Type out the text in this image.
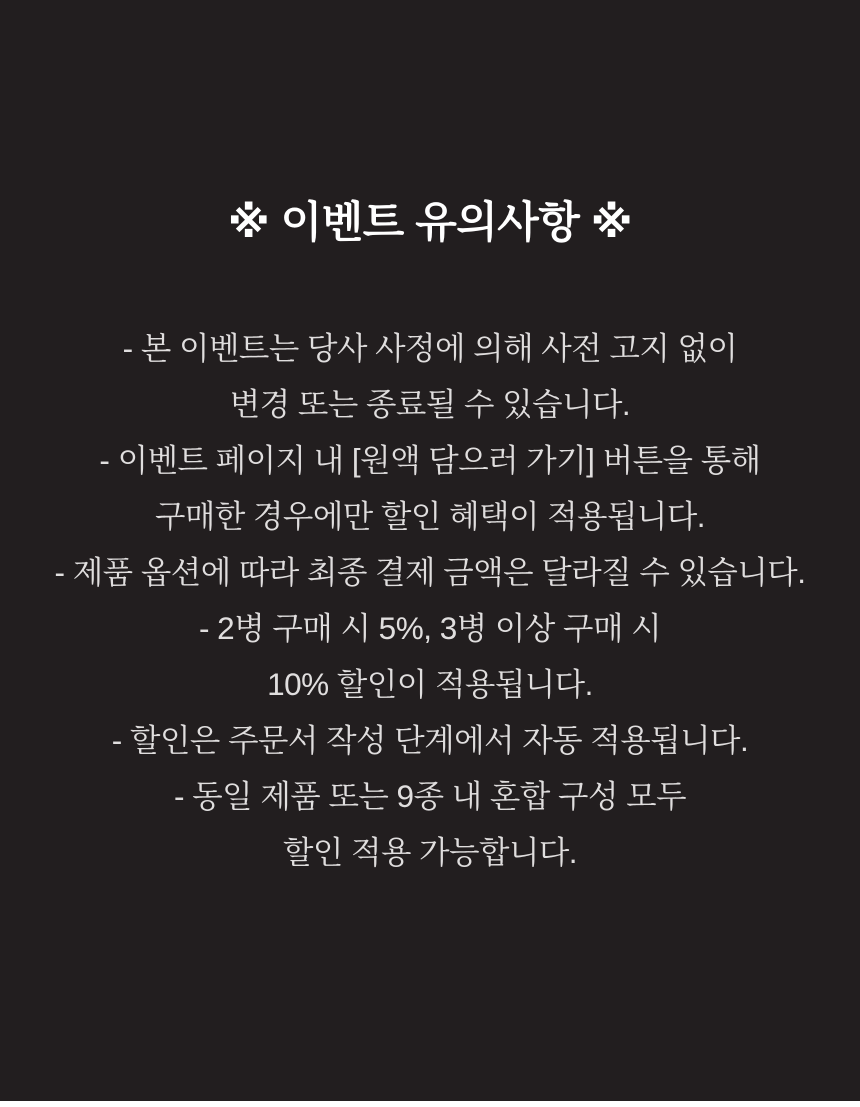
※ 이벤트 유의사항 ※
- 본 이벤트는 당사 사정에 의해 사전 고지 없이
변경 또는 종료될 수 있습니다.
- 이벤트 페이지 내 [원액 담으러 가기] 버튼을 통해
구매한 경우에만 할인 혜택이 적용됩니다.
- 제품 옵션에 따라 최종 결제 금액은 달라질 수 있습니다.
- 2병 구매 시 5%, 3병 이상 구매 시
10% 할인이 적용됩니다.
- 할인은 주문서 작성 단계에서 자동 적용됩니다.
- 동일 제품 또는 9종 내 혼합 구성 모두
할인 적용 가능합니다.
